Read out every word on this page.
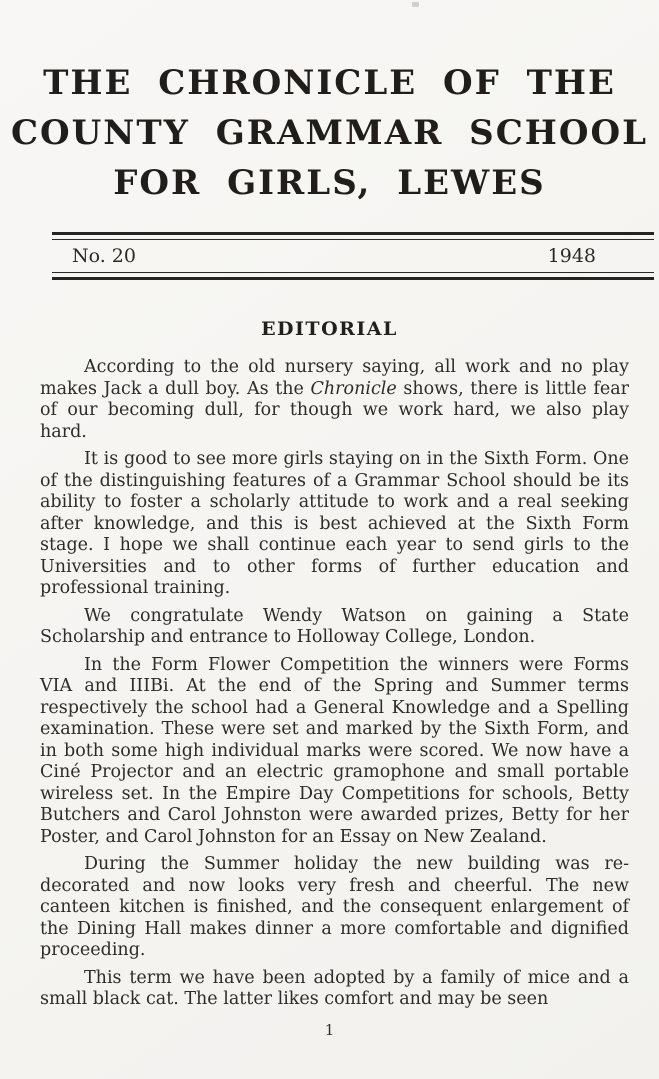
THE CHRONICLE OF THE
COUNTY GRAMMAR SCHOOL
FOR GIRLS, LEWES
No. 20	1948
EDITORIAL

According to the old nursery saying, all work and no play makes Jack a dull boy. As the Chronicle shows, there is little fear of our becoming dull, for though we work hard, we also play hard.

It is good to see more girls staying on in the Sixth Form. One of the distinguishing features of a Grammar School should be its ability to foster a scholarly attitude to work and a real seeking after knowledge, and this is best achieved at the Sixth Form stage. I hope we shall continue each year to send girls to the Universities and to other forms of further education and professional training.

We congratulate Wendy Watson on gaining a State Scholarship and entrance to Holloway College, London.

In the Form Flower Competition the winners were Forms VIA and IIIBi. At the end of the Spring and Summer terms respectively the school had a General Knowledge and a Spelling examination. These were set and marked by the Sixth Form, and in both some high individual marks were scored. We now have a Ciné Projector and an electric gramophone and small portable wireless set. In the Empire Day Competitions for schools, Betty Butchers and Carol Johnston were awarded prizes, Betty for her Poster, and Carol Johnston for an Essay on New Zealand.

During the Summer holiday the new building was re-decorated and now looks very fresh and cheerful. The new canteen kitchen is finished, and the consequent enlargement of the Dining Hall makes dinner a more comfortable and dignified proceeding.

This term we have been adopted by a family of mice and a small black cat. The latter likes comfort and may be seen

1
